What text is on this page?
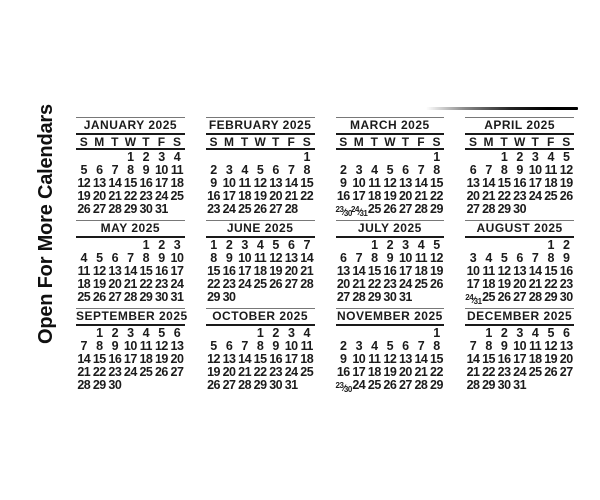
Open For More Calendars	JANUARY 2025
S M T W T F S
1 2 3 4
5 6 7 8 9 10 11
12 13 14 15 16 17 18
19 20 21 22 23 24 25
26 27 28 29 30 31
FEBRUARY 2025
S M T W T F S
1
2 3 4 5 6 7 8
9 10 11 12 13 14 15
16 17 18 19 20 21 22
23 24 25 26 27 28
MARCH 2025
S M T W T F S
1
2 3 4 5 6 7 8
9 10 11 12 13 14 15
16 17 18 19 20 21 22
$^{23}$⁄30 $^{24}$⁄31 25 26 27 28 29
APRIL 2025
S M T W T F S
1 2 3 4 5
6 7 8 9 10 11 12
13 14 15 16 17 18 19
20 21 22 23 24 25 26
27 28 29 30
MAY 2025
1 2 3
4 5 6 7 8 9 10
11 12 13 14 15 16 17
18 19 20 21 22 23 24
25 26 27 28 29 30 31
JUNE 2025
1 2 3 4 5 6 7
8 9 10 11 12 13 14
15 16 17 18 19 20 21
22 23 24 25 26 27 28
29 30
JULY 2025
1 2 3 4 5
6 7 8 9 10 11 12
13 14 15 16 17 18 19
20 21 22 23 24 25 26
27 28 29 30 31
AUGUST 2025
1 2
3 4 5 6 7 8 9
10 11 12 13 14 15 16
17 18 19 20 21 22 23
$^{24}$⁄31 25 26 27 28 29 30
SEPTEMBER 2025
1 2 3 4 5 6
7 8 9 10 11 12 13
14 15 16 17 18 19 20
21 22 23 24 25 26 27
28 29 30
OCTOBER 2025
1 2 3 4
5 6 7 8 9 10 11
12 13 14 15 16 17 18
19 20 21 22 23 24 25
26 27 28 29 30 31
NOVEMBER 2025
1
2 3 4 5 6 7 8
9 10 11 12 13 14 15
16 17 18 19 20 21 22
$^{23}$⁄30 24 25 26 27 28 29
DECEMBER 2025
1 2 3 4 5 6
7 8 9 10 11 12 13
14 15 16 17 18 19 20
21 22 23 24 25 26 27
28 29 30 31
